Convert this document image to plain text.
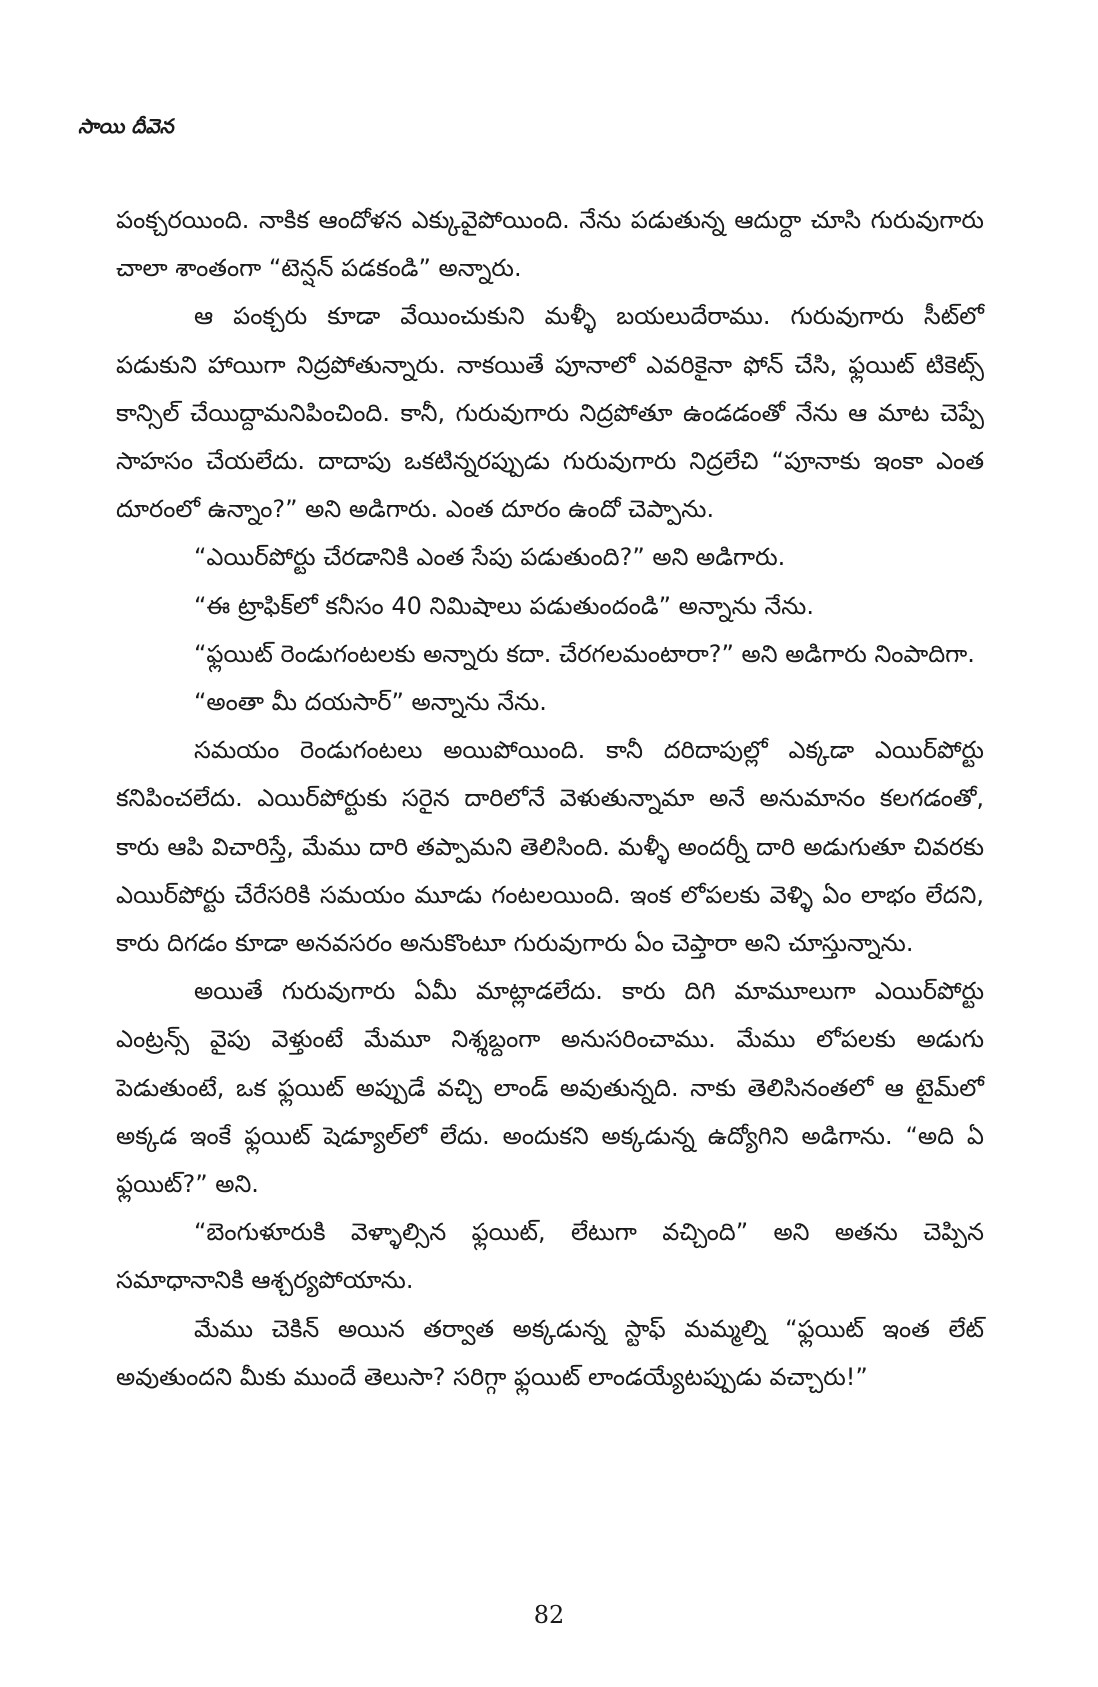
సాయి దీవెన

పంక్చరయింది. నాకిక ఆందోళన ఎక్కువైపోయింది. నేను పడుతున్న ఆదుర్దా చూసి గురువుగారు చాలా శాంతంగా “టెన్షన్ పడకండి” అన్నారు.

ఆ పంక్చరు కూడా వేయించుకుని మళ్ళీ బయలుదేరాము. గురువుగారు సీట్‌లో పడుకుని హాయిగా నిద్రపోతున్నారు. నాకయితే పూనాలో ఎవరికైనా ఫోన్ చేసి, ఫ్లయిట్ టికెట్స్ కాన్సిల్ చేయిద్దామనిపించింది. కానీ, గురువుగారు నిద్రపోతూ ఉండడంతో నేను ఆ మాట చెప్పే సాహసం చేయలేదు. దాదాపు ఒకటిన్నరప్పుడు గురువుగారు నిద్రలేచి “పూనాకు ఇంకా ఎంత దూరంలో ఉన్నాం?” అని అడిగారు. ఎంత దూరం ఉందో చెప్పాను.

“ఎయిర్‌పోర్టు చేరడానికి ఎంత సేపు పడుతుంది?” అని అడిగారు.

“ఈ ట్రాఫిక్‌లో కనీసం 40 నిమిషాలు పడుతుందండి” అన్నాను నేను.

“ఫ్లయిట్ రెండుగంటలకు అన్నారు కదా. చేరగలమంటారా?” అని అడిగారు నింపాదిగా.

“అంతా మీ దయసార్” అన్నాను నేను.

సమయం రెండుగంటలు అయిపోయింది. కానీ దరిదాపుల్లో ఎక్కడా ఎయిర్‌పోర్టు కనిపించలేదు. ఎయిర్‌పోర్టుకు సరైన దారిలోనే వెళుతున్నామా అనే అనుమానం కలగడంతో, కారు ఆపి విచారిస్తే, మేము దారి తప్పామని తెలిసింది. మళ్ళీ అందర్నీ దారి అడుగుతూ చివరకు ఎయిర్‌పోర్టు చేరేసరికి సమయం మూడు గంటలయింది. ఇంక లోపలకు వెళ్ళి ఏం లాభం లేదని, కారు దిగడం కూడా అనవసరం అనుకొంటూ గురువుగారు ఏం చెప్తారా అని చూస్తున్నాను.

అయితే గురువుగారు ఏమీ మాట్లాడలేదు. కారు దిగి మామూలుగా ఎయిర్‌పోర్టు ఎంట్రన్స్ వైపు వెళ్తుంటే మేమూ నిశ్శబ్దంగా అనుసరించాము. మేము లోపలకు అడుగు పెడుతుంటే, ఒక ఫ్లయిట్ అప్పుడే వచ్చి లాండ్ అవుతున్నది. నాకు తెలిసినంతలో ఆ టైమ్‌లో అక్కడ ఇంకే ఫ్లయిట్ షెడ్యూల్‌లో లేదు. అందుకని అక్కడున్న ఉద్యోగిని అడిగాను. “అది ఏ ఫ్లయిట్?” అని.

“బెంగుళూరుకి వెళ్ళాల్సిన ఫ్లయిట్, లేటుగా వచ్చింది” అని అతను చెప్పిన సమాధానానికి ఆశ్చర్యపోయాను.

మేము చెకిన్ అయిన తర్వాత అక్కడున్న స్టాఫ్ మమ్మల్ని “ఫ్లయిట్ ఇంత లేట్ అవుతుందని మీకు ముందే తెలుసా? సరిగ్గా ఫ్లయిట్ లాండయ్యేటప్పుడు వచ్చారు!”

82
